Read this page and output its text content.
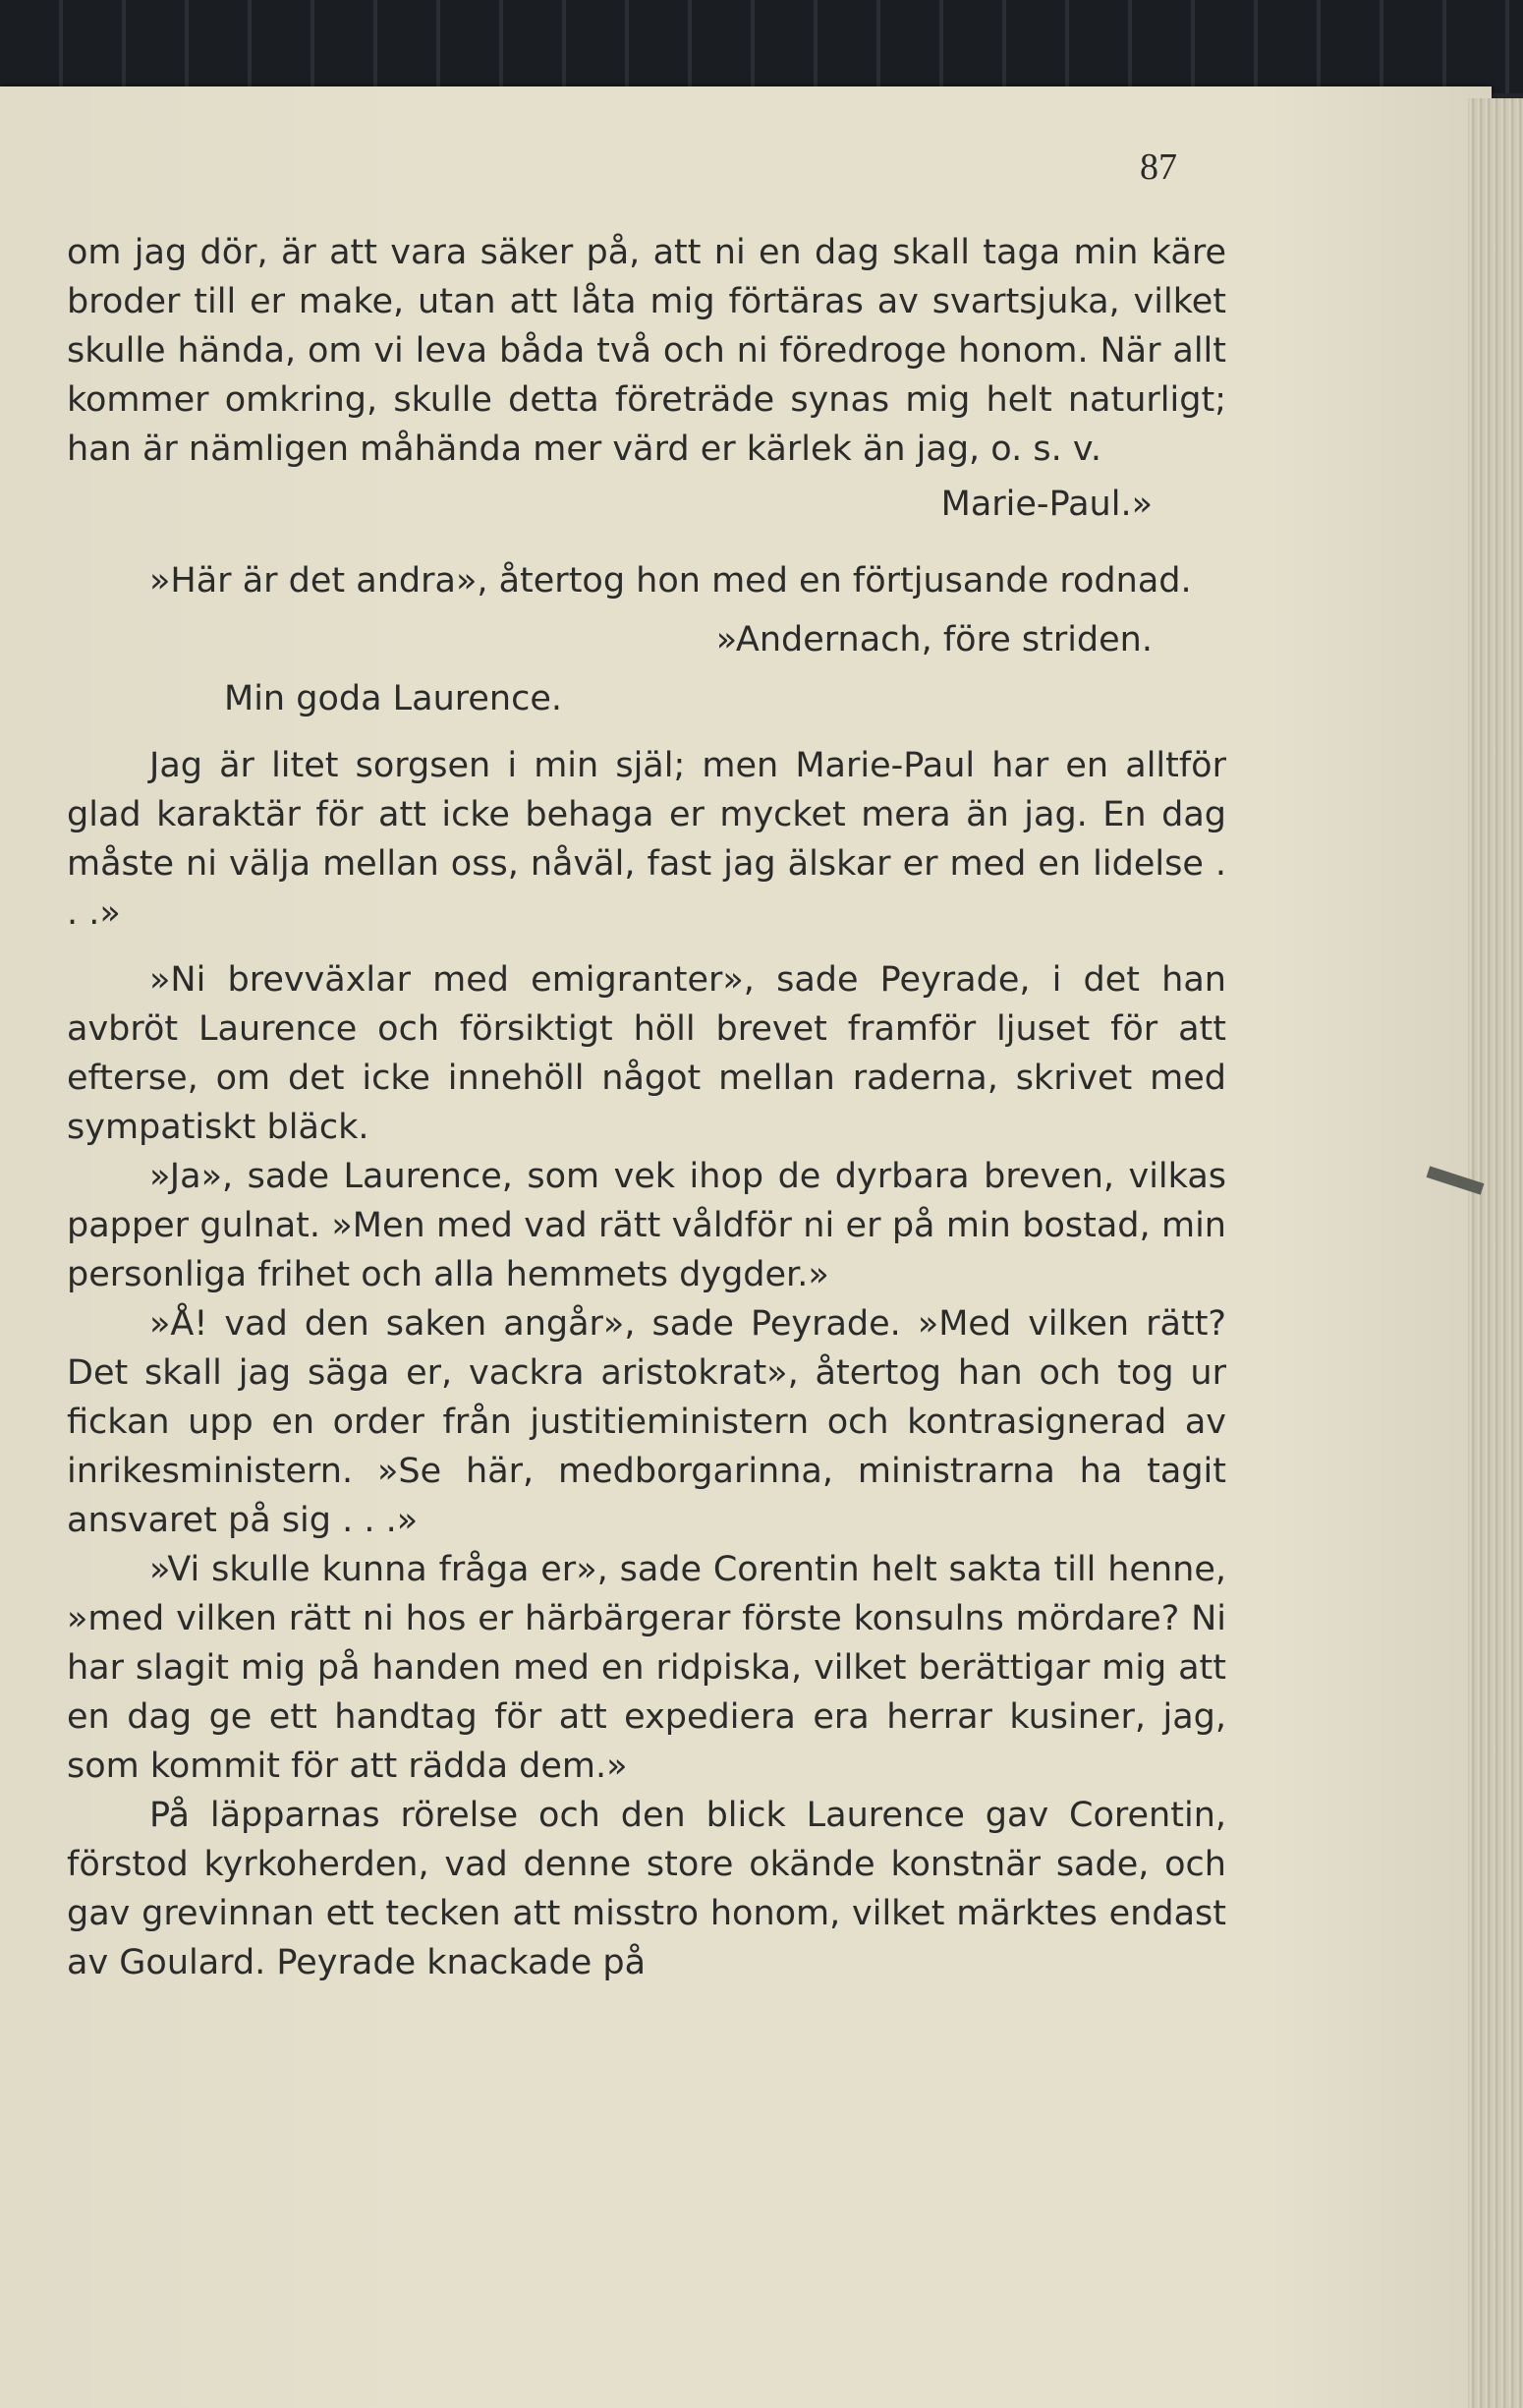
87

om jag dör, är att vara säker på, att ni en dag skall taga min käre broder till er make, utan att låta mig förtäras av svartsjuka, vilket skulle hända, om vi leva båda två och ni föredroge honom. När allt kommer omkring, skulle detta företräde synas mig helt naturligt; han är nämligen måhända mer värd er kärlek än jag, o. s. v.

Marie-Paul.»

»Här är det andra», återtog hon med en förtjusande rodnad.

»Andernach, före striden.

Min goda Laurence.

Jag är litet sorgsen i min själ; men Marie-Paul har en alltför glad karaktär för att icke behaga er mycket mera än jag. En dag måste ni välja mellan oss, nåväl, fast jag älskar er med en lidelse . . .»

»Ni brevväxlar med emigranter», sade Peyrade, i det han avbröt Laurence och försiktigt höll brevet framför ljuset för att efterse, om det icke innehöll något mellan raderna, skrivet med sympatiskt bläck.

»Ja», sade Laurence, som vek ihop de dyrbara breven, vilkas papper gulnat. »Men med vad rätt våldför ni er på min bostad, min personliga frihet och alla hemmets dygder.»

»Å! vad den saken angår», sade Peyrade. »Med vilken rätt? Det skall jag säga er, vackra aristokrat», återtog han och tog ur fickan upp en order från justitieministern och kontrasignerad av inrikesministern. »Se här, medborgarinna, ministrarna ha tagit ansvaret på sig . . .»

»Vi skulle kunna fråga er», sade Corentin helt sakta till henne, »med vilken rätt ni hos er härbärgerar förste konsulns mördare? Ni har slagit mig på handen med en ridpiska, vilket berättigar mig att en dag ge ett handtag för att expediera era herrar kusiner, jag, som kommit för att rädda dem.»

På läpparnas rörelse och den blick Laurence gav Corentin, förstod kyrkoherden, vad denne store okände konstnär sade, och gav grevinnan ett tecken att misstro honom, vilket märktes endast av Goulard. Peyrade knackade på
